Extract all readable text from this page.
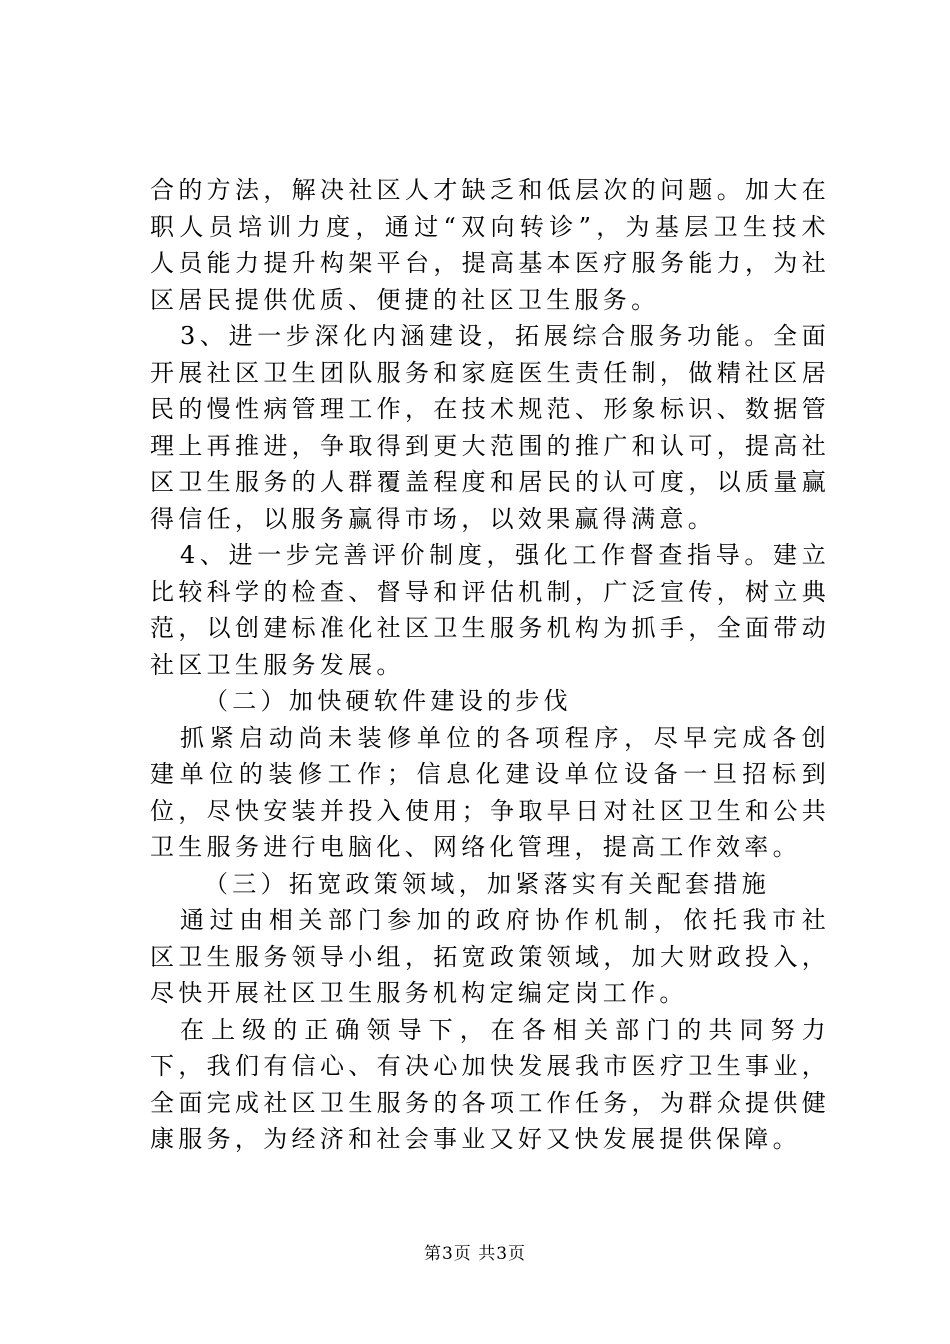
合的方法，解决社区人才缺乏和低层次的问题。加大在职人员培训力度，通过“双向转诊”，为基层卫生技术人员能力提升构架平台，提高基本医疗服务能力，为社区居民提供优质、便捷的社区卫生服务。

3、进一步深化内涵建设，拓展综合服务功能。全面开展社区卫生团队服务和家庭医生责任制，做精社区居民的慢性病管理工作，在技术规范、形象标识、数据管理上再推进，争取得到更大范围的推广和认可，提高社区卫生服务的人群覆盖程度和居民的认可度，以质量赢得信任，以服务赢得市场，以效果赢得满意。

4、进一步完善评价制度，强化工作督查指导。建立比较科学的检查、督导和评估机制，广泛宣传，树立典范，以创建标准化社区卫生服务机构为抓手，全面带动社区卫生服务发展。

（二）加快硬软件建设的步伐

抓紧启动尚未装修单位的各项程序，尽早完成各创建单位的装修工作；信息化建设单位设备一旦招标到位，尽快安装并投入使用；争取早日对社区卫生和公共卫生服务进行电脑化、网络化管理，提高工作效率。

（三）拓宽政策领域，加紧落实有关配套措施

通过由相关部门参加的政府协作机制，依托我市社区卫生服务领导小组，拓宽政策领域，加大财政投入，尽快开展社区卫生服务机构定编定岗工作。

在上级的正确领导下，在各相关部门的共同努力下，我们有信心、有决心加快发展我市医疗卫生事业，全面完成社区卫生服务的各项工作任务，为群众提供健康服务，为经济和社会事业又好又快发展提供保障。

第3页 共3页
